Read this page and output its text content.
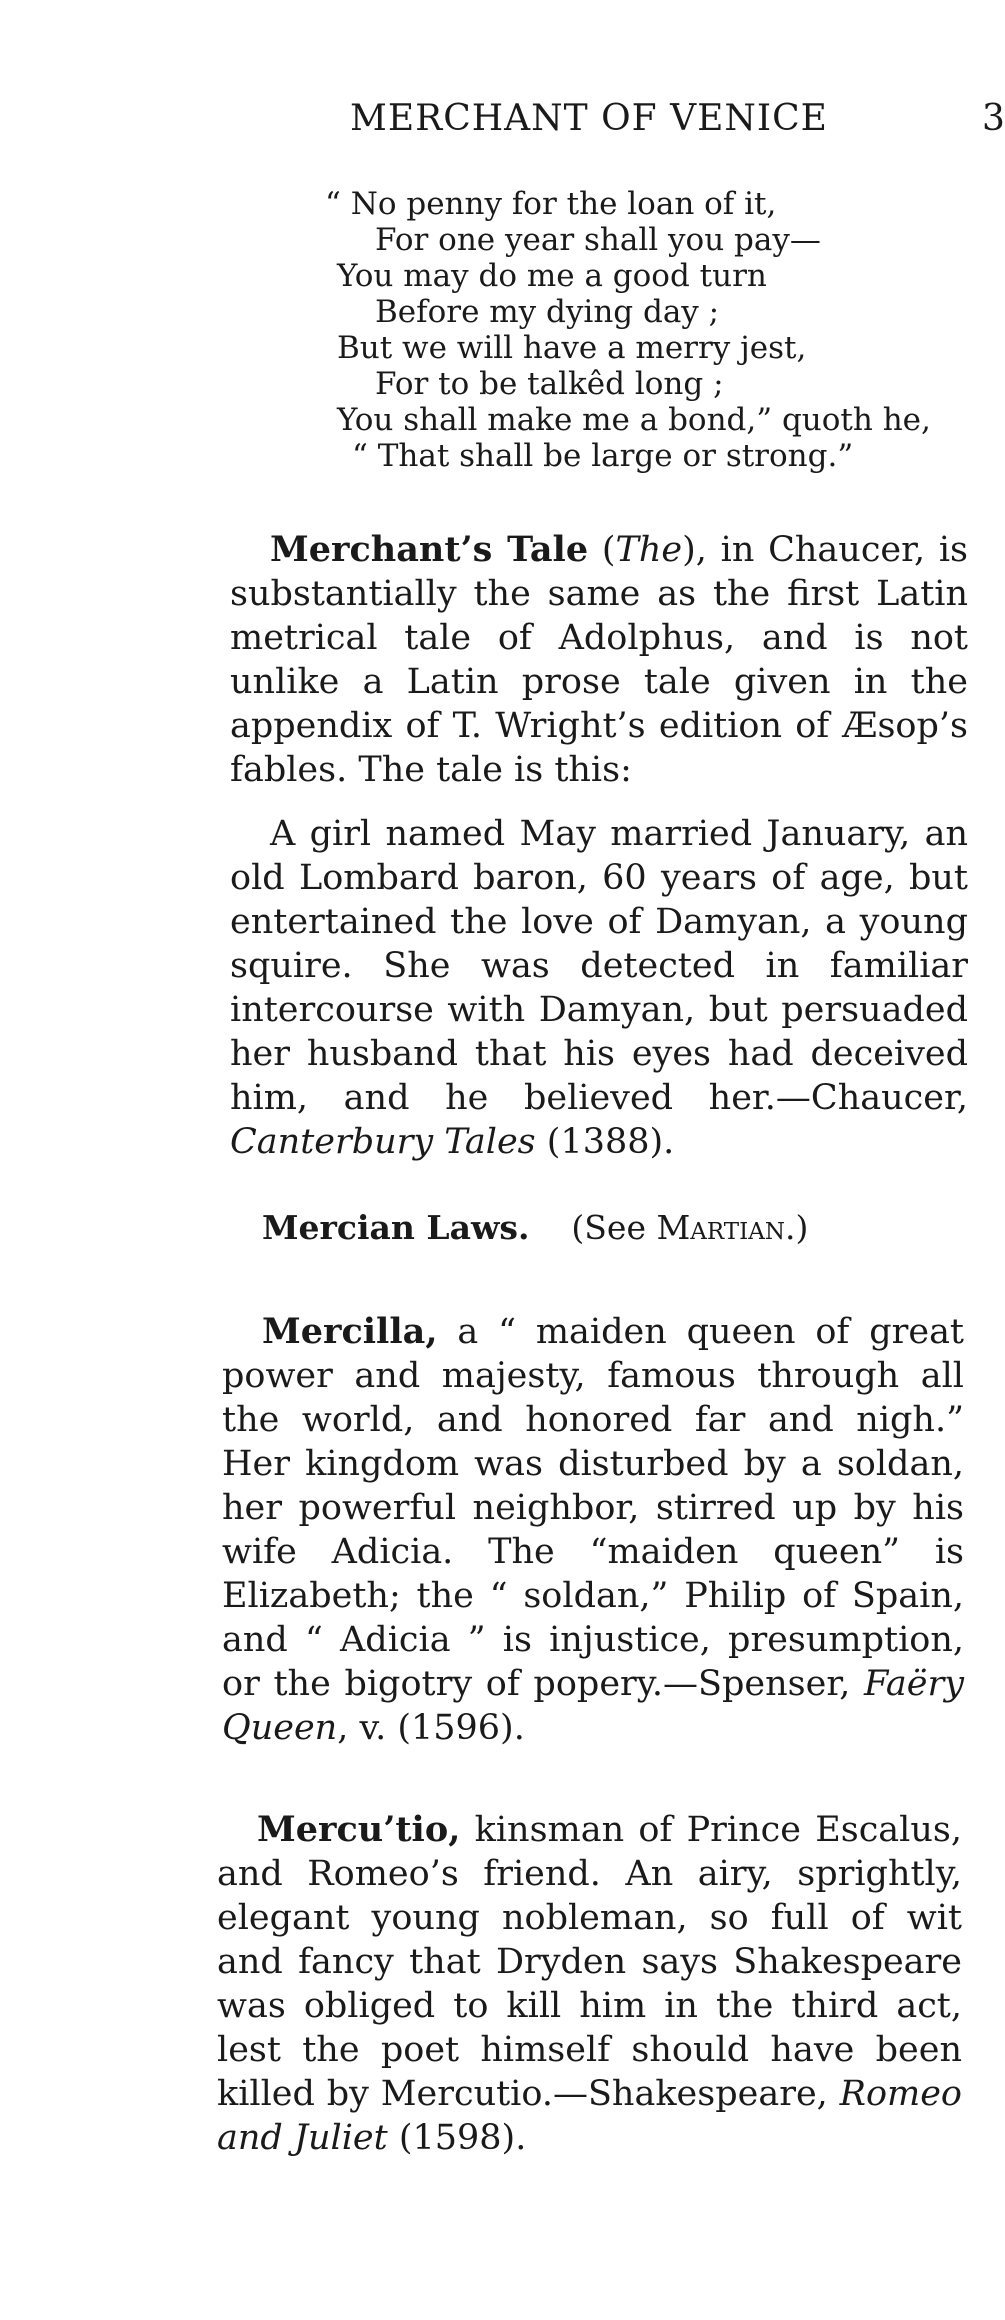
MERCHANT OF VENICE	3
“ No penny for the loan of it,
For one year shall you pay—
You may do me a good turn
Before my dying day ;
But we will have a merry jest,
For to be talkêd long ;
You shall make me a bond,” quoth he,
“ That shall be large or strong.”

Merchant’s Tale (The), in Chaucer, is substantially the same as the first Latin metrical tale of Adolphus, and is not unlike a Latin prose tale given in the appendix of T. Wright’s edition of Æsop’s fables. The tale is this:

A girl named May married January, an old Lombard baron, 60 years of age, but entertained the love of Damyan, a young squire. She was detected in familiar intercourse with Damyan, but persuaded her husband that his eyes had deceived him, and he believed her.—Chaucer, Canterbury Tales (1388).

Mercian Laws.    (See Martian.)

Mercilla, a “ maiden queen of great power and majesty, famous through all the world, and honored far and nigh.” Her kingdom was disturbed by a soldan, her powerful neighbor, stirred up by his wife Adicia. The “maiden queen” is Elizabeth; the “ soldan,” Philip of Spain, and “ Adicia ” is injustice, presumption, or the bigotry of popery.—Spenser, Faëry Queen, v. (1596).

Mercu’tio, kinsman of Prince Escalus, and Romeo’s friend. An airy, sprightly, elegant young nobleman, so full of wit and fancy that Dryden says Shakespeare was obliged to kill him in the third act, lest the poet himself should have been killed by Mercutio.—Shakespeare, Romeo and Juliet (1598).
